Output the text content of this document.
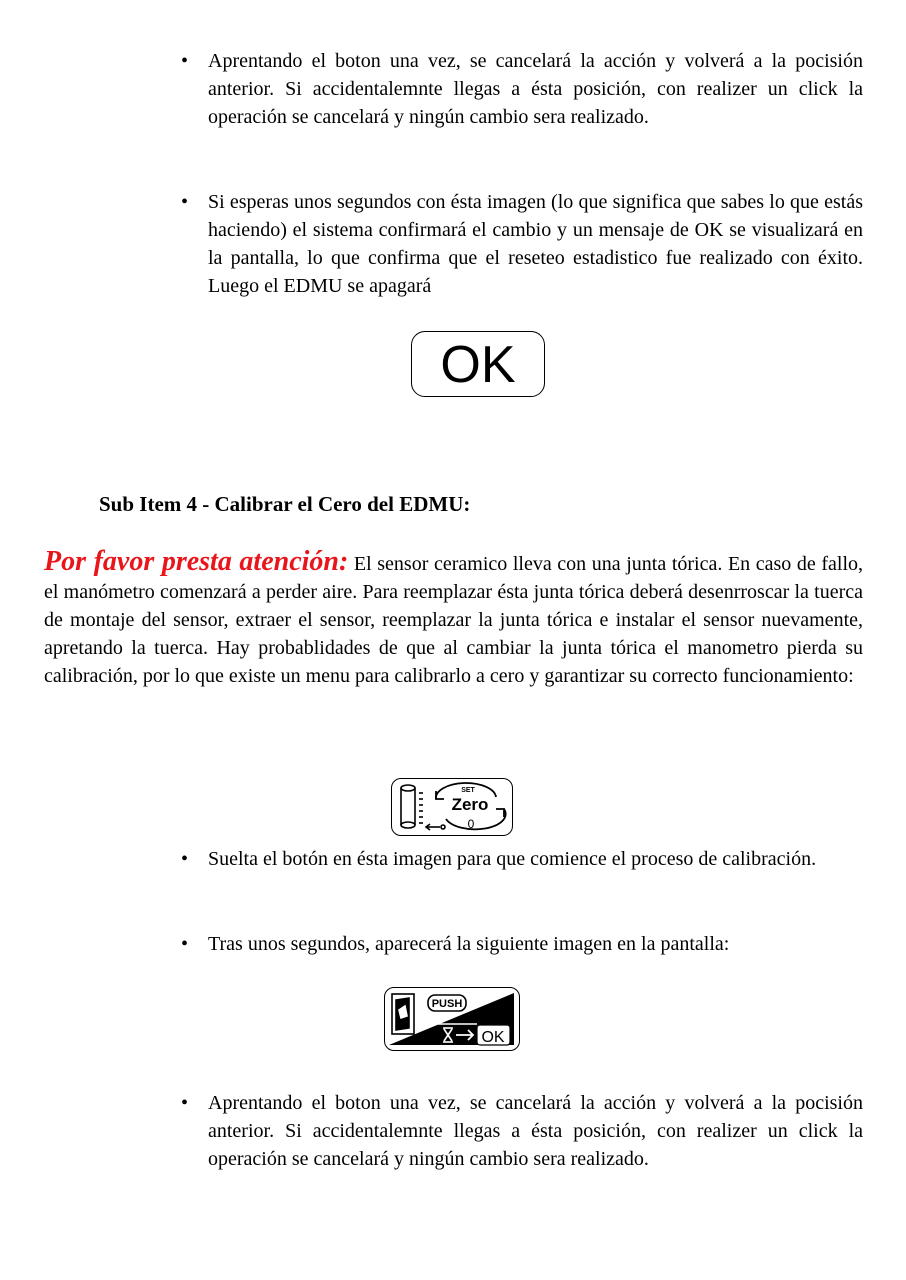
• Aprentando el boton una vez, se cancelará la acción y volverá a la pocisión anterior. Si accidentalemnte llegas a ésta posición, con realizer un click la operación se cancelará y ningún cambio sera realizado.
• Si esperas unos segundos con ésta imagen (lo que significa que sabes lo que estás haciendo) el sistema confirmará el cambio y un mensaje de OK se visualizará en la pantalla, lo que confirma que el reseteo estadistico fue realizado con éxito. Luego el EDMU se apagará
OK
Sub Item 4 - Calibrar el Cero del EDMU:
Por favor presta atención: El sensor ceramico lleva con una junta tórica. En caso de fallo, el manómetro comenzará a perder aire. Para reemplazar ésta junta tórica deberá desenrroscar la tuerca de montaje del sensor, extraer el sensor, reemplazar la junta tórica e instalar el sensor nuevamente, apretando la tuerca. Hay probablidades de que al cambiar la junta tórica el manometro pierda su calibración, por lo que existe un menu para calibrarlo a cero y garantizar su correcto funcionamiento:
SET
Zero
0
• Suelta el botón en ésta imagen para que comience el proceso de calibración.
• Tras unos segundos, aparecerá la siguiente imagen en la pantalla:
PUSH
OK
• Aprentando el boton una vez, se cancelará la acción y volverá a la pocisión anterior. Si accidentalemnte llegas a ésta posición, con realizer un click la operación se cancelará y ningún cambio sera realizado.
